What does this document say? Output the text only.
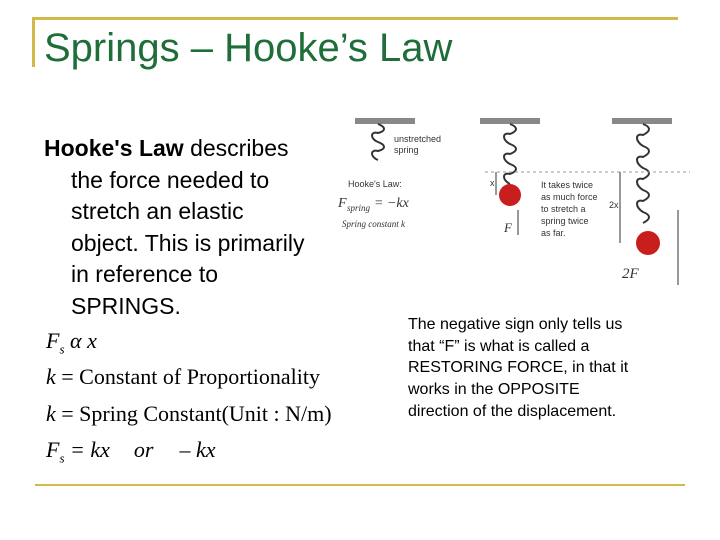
Springs – Hooke’s Law
Hooke's Law describes
the force needed to
stretch an elastic
object. This is primarily
in reference to
SPRINGS.
$F_s$ α x
k = Constant of Proportionality
k = Spring Constant(Unit : N/m)
$F_s$ = kx or – kx
unstretched
spring
Hooke's Law:
F spring = −kx
Spring constant k
x
F
It takes twice
as much force
to stretch a
spring twice
as far.
2x
2F
The negative sign only tells us that “F” is what is called a RESTORING FORCE, in that it works in the OPPOSITE direction of the displacement.
